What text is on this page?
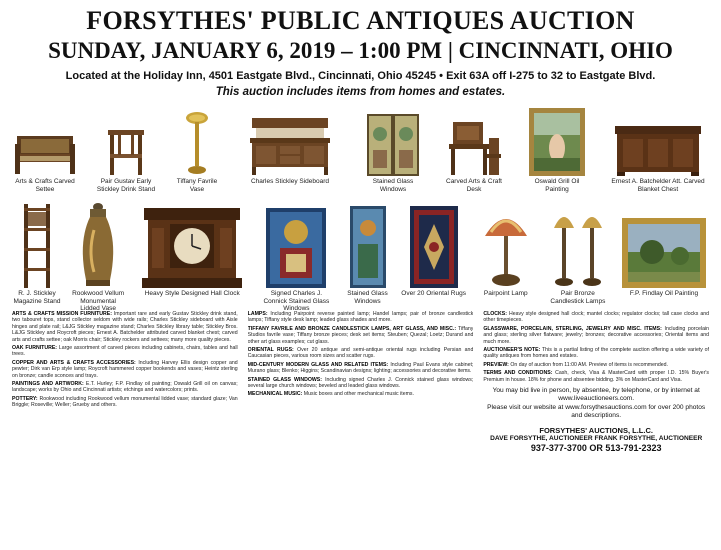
FORSYTHES' PUBLIC ANTIQUES AUCTION
SUNDAY, JANUARY 6, 2019 – 1:00 PM | CINCINNATI, OHIO
Located at the Holiday Inn, 4501 Eastgate Blvd., Cincinnati, Ohio 45245 • Exit 63A off I-275 to 32 to Eastgate Blvd.
This auction includes items from homes and estates.
Arts & Crafts Carved Settee
Pair Gustav Early Stickley Drink Stand
Tiffany Favrile Vase
Charles Stickley Sideboard	Stained Glass Windows
Carved Arts & Craft Desk
Oswald Grill Oil Painting
Ernest A. Batchelder Att. Carved Blanket Chest
R. J. Stickley Magazine Stand
Rookwood Vellum Monumental Lidded Vase
Heavy Style Designed Hall Clock	Signed Charles J. Connick Stained Glass Windows
Stained Glass Windows
Over 20 Oriental Rugs	Pairpoint Lamp	Pair Bronze Candlestick Lamps
F.P. Findlay Oil Painting

ARTS & CRAFTS MISSION FURNITURE: Important rare and early Gustav Stickley drink stand, two tabouret tops, stand collector seldom with wide rails; Charles Stickley sideboard with Aisle hinges and plate rail; L&JG Stickley magazine stand; Charles Stickley library table; Stickley Bros. L&JG Stickley and Roycroft pieces; Ernest A. Batchelder attributed carved blanket chest; carved arts and crafts settee; oak Morris chair; Stickley rockers and settees; many more quality pieces.

OAK FURNITURE: Large assortment of carved pieces including cabinets, chairs, tables and hall trees.

COPPER AND ARTS & CRAFTS ACCESSORIES: Including Harvey Ellis design copper and pewter; Dirk van Erp style lamp; Roycroft hammered copper bookends and vases; Heintz sterling on bronze; candle sconces and trays.

PAINTINGS AND ARTWORK: E.T. Hurley; F.P. Findlay oil painting; Oswald Grill oil on canvas; landscape; works by Ohio and Cincinnati artists; etchings and watercolors; prints.

POTTERY: Rookwood including Rookwood vellum monumental lidded vase; standard glaze; Van Briggle; Roseville; Weller; Grueby and others.

LAMPS: Including Pairpoint reverse painted lamp; Handel lamps; pair of bronze candlestick lamps; Tiffany style desk lamp; leaded glass shades and more.

TIFFANY FAVRILE AND BRONZE CANDLESTICK LAMPS, ART GLASS, AND MISC.: Tiffany Studios favrile vase; Tiffany bronze pieces; desk set items; Steuben; Quezal; Loetz; Durand and other art glass examples; cut glass.

ORIENTAL RUGS: Over 20 antique and semi-antique oriental rugs including Persian and Caucasian pieces, various room sizes and scatter rugs.

MID-CENTURY MODERN GLASS AND RELATED ITEMS: Including Paul Evans style cabinet; Murano glass; Blenko; Higgins; Scandinavian designs; lighting; accessories and decorative items.

STAINED GLASS WINDOWS: Including signed Charles J. Connick stained glass windows; several large church windows; beveled and leaded glass windows.

MECHANICAL MUSIC: Music boxes and other mechanical music items.

CLOCKS: Heavy style designed hall clock; mantel clocks; regulator clocks; tall case clocks and other timepieces.

GLASSWARE, PORCELAIN, STERLING, JEWELRY AND MISC. ITEMS: Including porcelain and glass; sterling silver flatware; jewelry; bronzes; decorative accessories; Oriental items and much more.

AUCTIONEER'S NOTE: This is a partial listing of the complete auction offering a wide variety of quality antiques from homes and estates.

PREVIEW: On day of auction from 11:00 AM. Preview of items is recommended.

TERMS AND CONDITIONS: Cash, check, Visa & MasterCard with proper I.D. 15% Buyer's Premium in house. 18% for phone and absentee bidding. 3% on MasterCard and Visa.

You may bid live in person, by absentee, by telephone, or by internet at www.liveauctioneers.com.
Please visit our website at www.forsythesauctions.com for over 200 photos and descriptions.
FORSYTHES' AUCTIONS, L.L.C.
DAVE FORSYTHE, AUCTIONEER FRANK FORSYTHE, AUCTIONEER
937-377-3700 OR 513-791-2323
